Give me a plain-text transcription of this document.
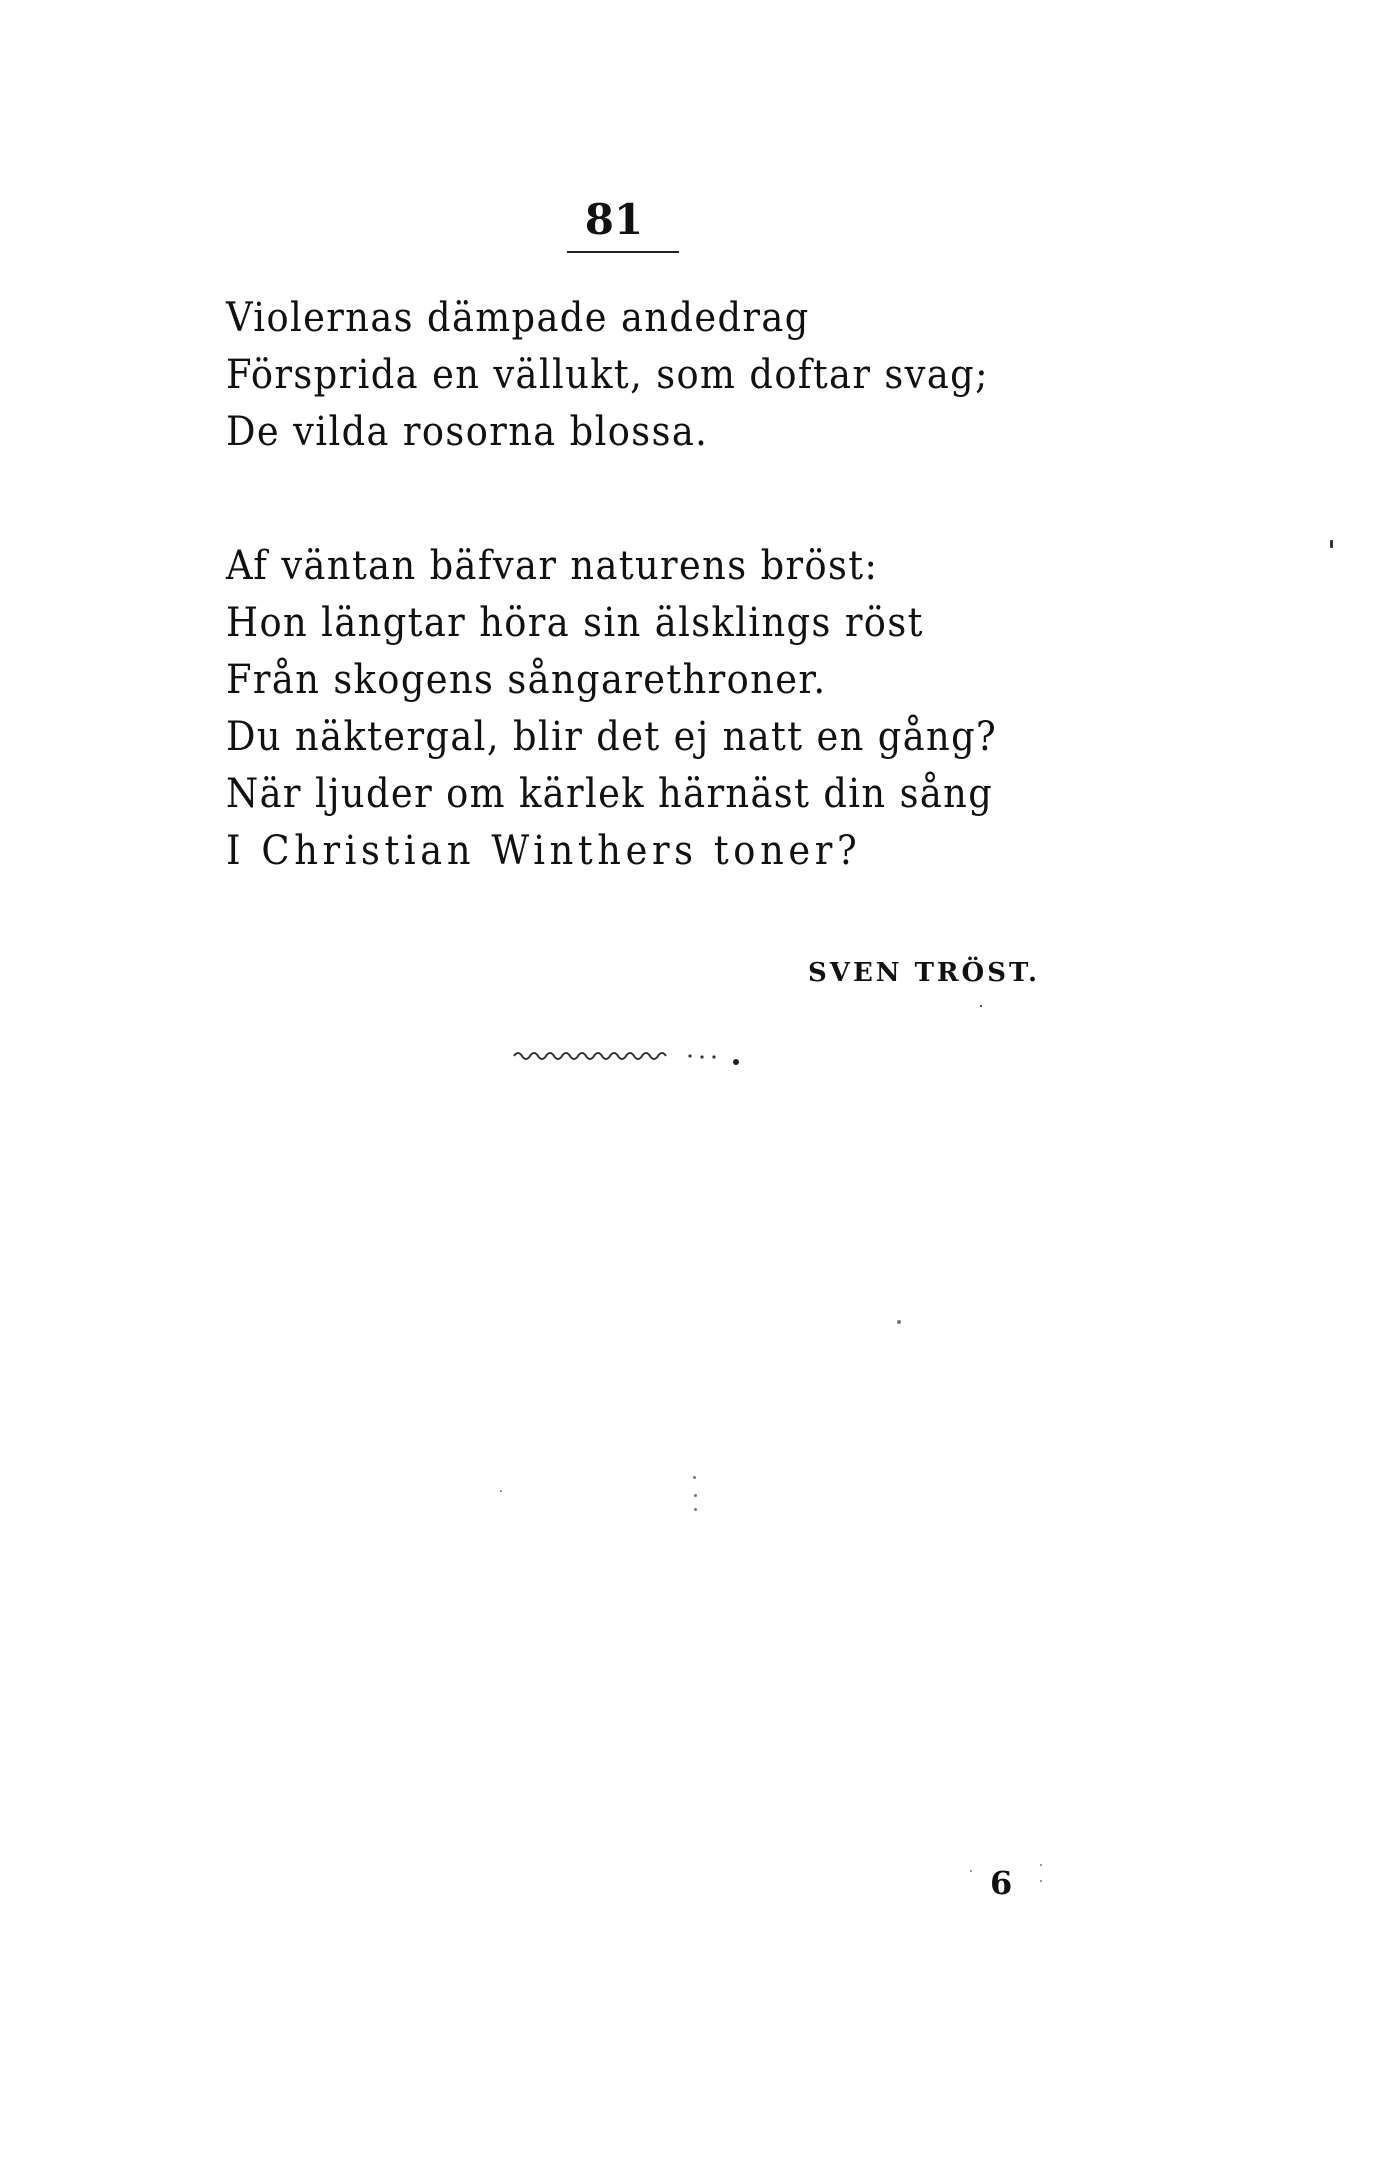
81
Violernas dämpade andedrag
Försprida en vällukt, som doftar svag;
De vilda rosorna blossa.
Af väntan bäfvar naturens bröst:
Hon längtar höra sin älsklings röst
Från skogens sångarethroner.
Du näktergal, blir det ej natt en gång?
När ljuder om kärlek härnäst din sång
I Christian Winthers toner?
SVEN TRÖST.
6
